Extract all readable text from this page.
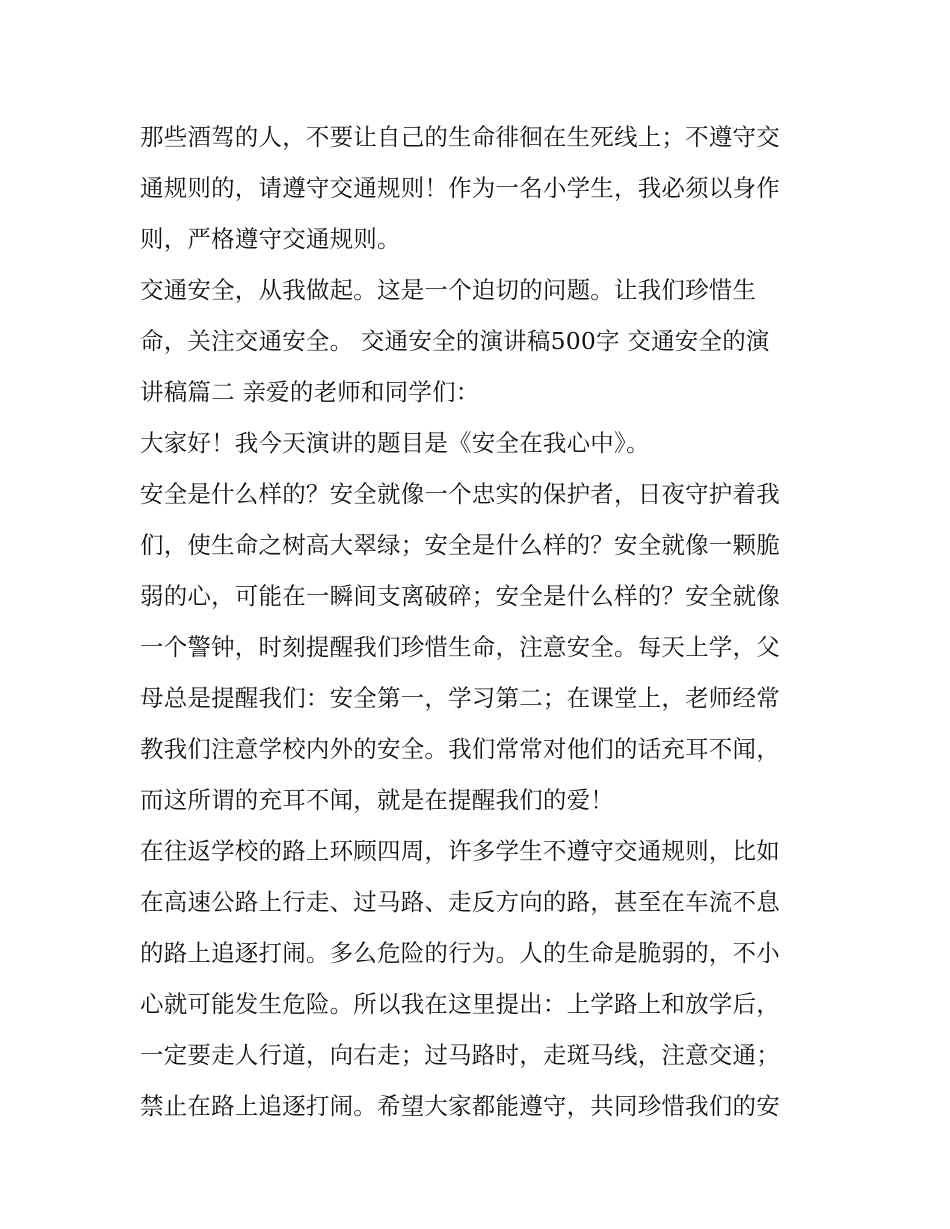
那些酒驾的人，不要让自己的生命徘徊在生死线上；不遵守交
通规则的，请遵守交通规则！作为一名小学生，我必须以身作
则，严格遵守交通规则。
交通安全，从我做起。这是一个迫切的问题。让我们珍惜生
命，关注交通安全。 交通安全的演讲稿500字 交通安全的演
讲稿篇二 亲爱的老师和同学们：
大家好！我今天演讲的题目是《安全在我心中》。
安全是什么样的？安全就像一个忠实的保护者，日夜守护着我
们，使生命之树高大翠绿；安全是什么样的？安全就像一颗脆
弱的心，可能在一瞬间支离破碎；安全是什么样的？安全就像
一个警钟，时刻提醒我们珍惜生命，注意安全。每天上学，父
母总是提醒我们：安全第一，学习第二；在课堂上，老师经常
教我们注意学校内外的安全。我们常常对他们的话充耳不闻，
而这所谓的充耳不闻，就是在提醒我们的爱！
在往返学校的路上环顾四周，许多学生不遵守交通规则，比如
在高速公路上行走、过马路、走反方向的路，甚至在车流不息
的路上追逐打闹。多么危险的行为。人的生命是脆弱的，不小
心就可能发生危险。所以我在这里提出：上学路上和放学后，
一定要走人行道，向右走；过马路时，走斑马线，注意交通；
禁止在路上追逐打闹。希望大家都能遵守，共同珍惜我们的安
